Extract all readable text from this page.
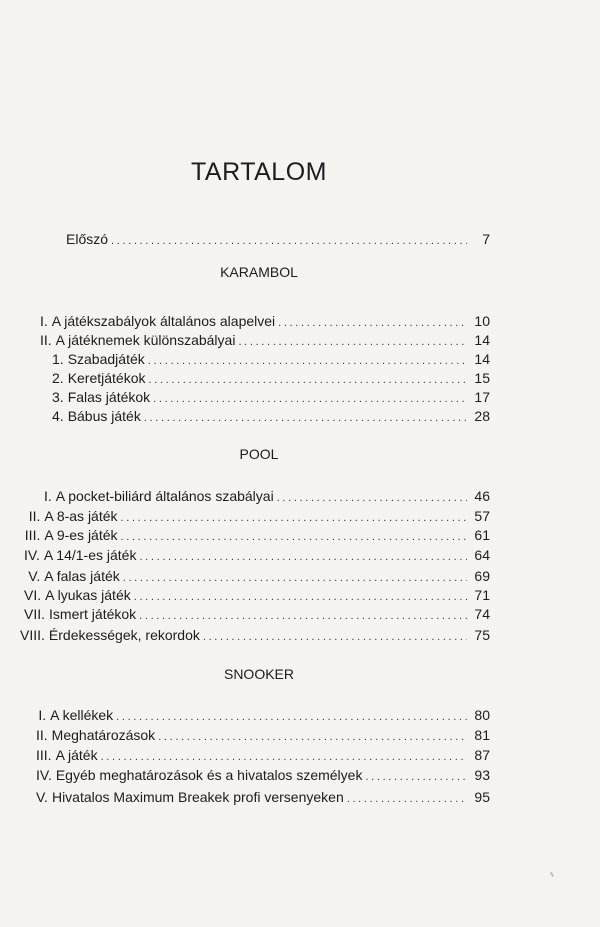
TARTALOM
Előszó . . .	7
KARAMBOL
I. A játékszabályok általános alapelvei . . .	10
II. A játéknemek különszabályai . . .	14
1. Szabadjáték . . .	14
2. Keretjátékok . . .	15
3. Falas játékok . . .	17
4. Bábus játék . . .	28
POOL
I. A pocket-biliárd általános szabályai . . .	46
II. A 8-as játék . . .	57
III. A 9-es játék . . .	61
IV. A 14/1-es játék . . .	64
V. A falas játék . . .	69
VI. A lyukas játék . . .	71
VII. Ismert játékok . . .	74
VIII. Érdekességek, rekordok . . .	75
SNOOKER
I. A kellékek . . .	80
II. Meghatározások . . .	81
III. A játék . . .	87
IV. Egyéb meghatározások és a hivatalos személyek . . .	93
V. Hivatalos Maximum Breakek profi versenyeken . . .	95
